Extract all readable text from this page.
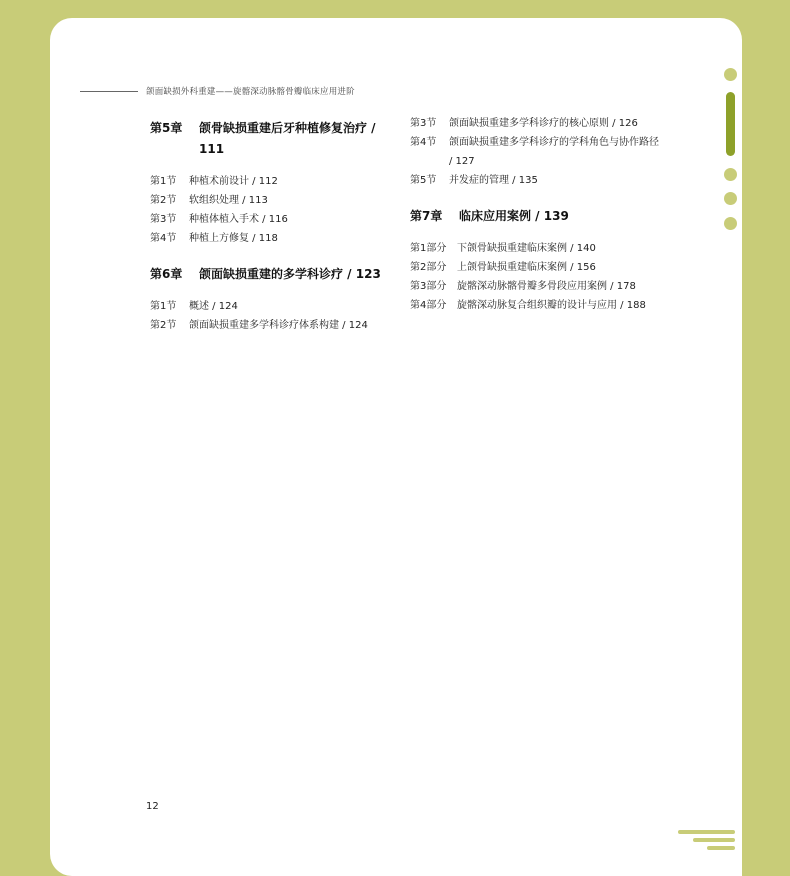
颌面缺损外科重建——旋髂深动脉髂骨瓣临床应用进阶
第5章	颌骨缺损重建后牙种植修复治疗 / 111
第1节	种植术前设计 / 112
第2节	软组织处理 / 113
第3节	种植体植入手术 / 116
第4节	种植上方修复 / 118
第6章	颌面缺损重建的多学科诊疗 / 123
第1节	概述 / 124
第2节	颌面缺损重建多学科诊疗体系构建 / 124
第3节	颌面缺损重建多学科诊疗的核心原则 / 126
第4节	颌面缺损重建多学科诊疗的学科角色与协作路径 / 127
第5节	并发症的管理 / 135
第7章	临床应用案例 / 139
第1部分	下颌骨缺损重建临床案例 / 140
第2部分	上颌骨缺损重建临床案例 / 156
第3部分	旋髂深动脉髂骨瓣多骨段应用案例 / 178
第4部分	旋髂深动脉复合组织瓣的设计与应用 / 188
12
